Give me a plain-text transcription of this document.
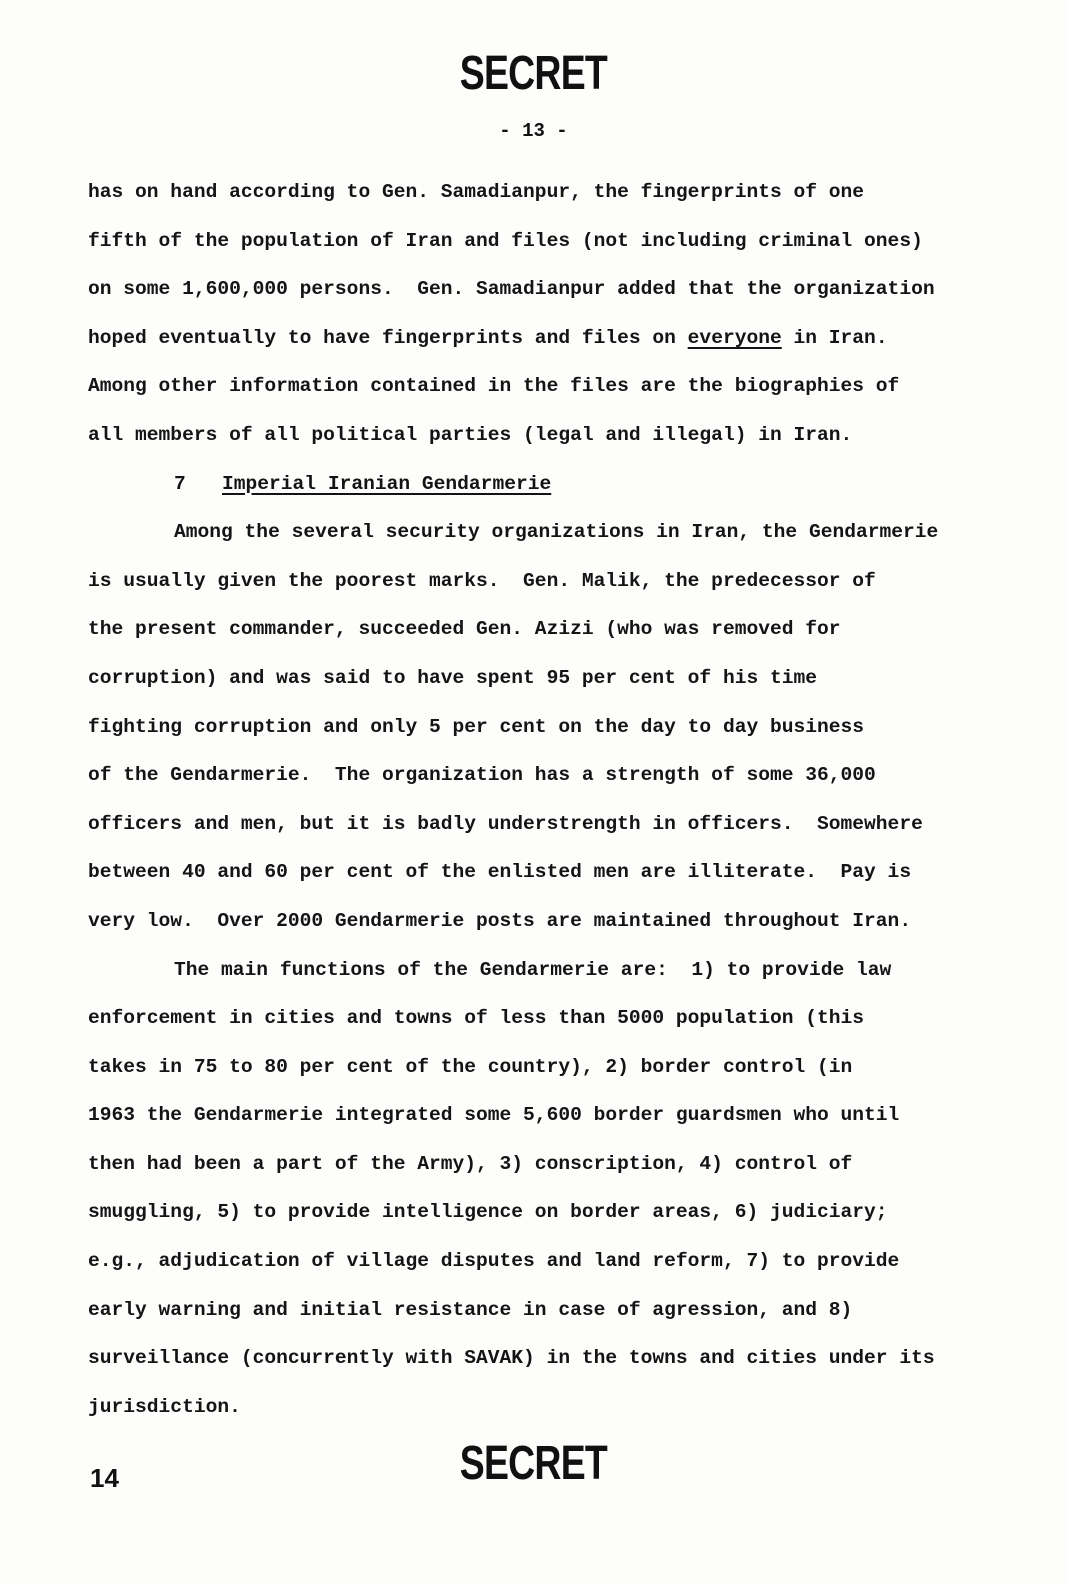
SECRET
- 13 -
has on hand according to Gen. Samadianpur, the fingerprints of one
fifth of the population of Iran and files (not including criminal ones)
on some 1,600,000 persons.  Gen. Samadianpur added that the organization
hoped eventually to have fingerprints and files on everyone in Iran.
Among other information contained in the files are the biographies of
all members of all political parties (legal and illegal) in Iran.
7 Imperial Iranian Gendarmerie
Among the several security organizations in Iran, the Gendarmerie
is usually given the poorest marks.  Gen. Malik, the predecessor of
the present commander, succeeded Gen. Azizi (who was removed for
corruption) and was said to have spent 95 per cent of his time
fighting corruption and only 5 per cent on the day to day business
of the Gendarmerie.  The organization has a strength of some 36,000
officers and men, but it is badly understrength in officers.  Somewhere
between 40 and 60 per cent of the enlisted men are illiterate.  Pay is
very low.  Over 2000 Gendarmerie posts are maintained throughout Iran.
The main functions of the Gendarmerie are:  1) to provide law
enforcement in cities and towns of less than 5000 population (this
takes in 75 to 80 per cent of the country), 2) border control (in
1963 the Gendarmerie integrated some 5,600 border guardsmen who until
then had been a part of the Army), 3) conscription, 4) control of
smuggling, 5) to provide intelligence on border areas, 6) judiciary;
e.g., adjudication of village disputes and land reform, 7) to provide
early warning and initial resistance in case of agression, and 8)
surveillance (concurrently with SAVAK) in the towns and cities under its
jurisdiction.
14	SECRET
